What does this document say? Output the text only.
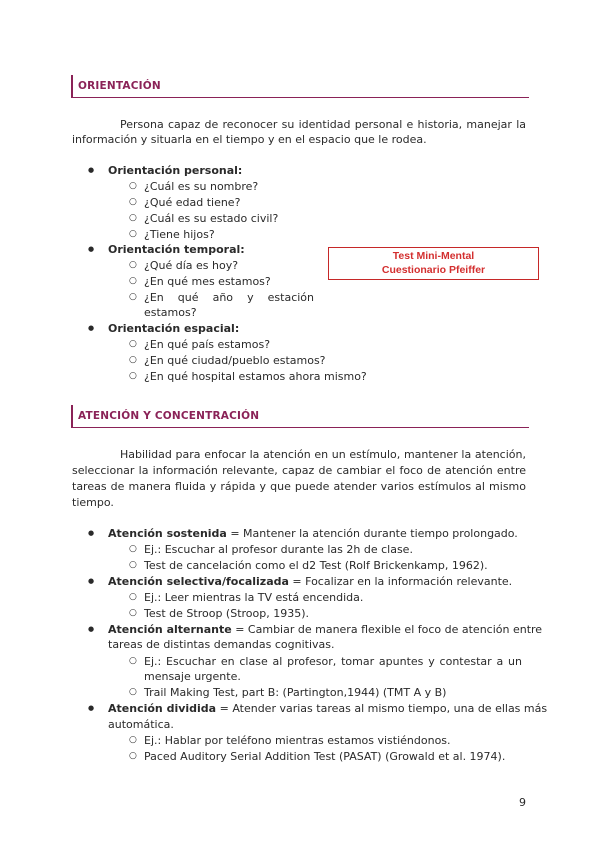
ORIENTACIÓN
Persona capaz de reconocer su identidad personal e historia, manejar la
información y situarla en el tiempo y en el espacio que le rodea.
● Orientación personal:
○ ¿Cuál es su nombre?
○ ¿Qué edad tiene?
○ ¿Cuál es su estado civil?
○ ¿Tiene hijos?
● Orientación temporal:
○ ¿Qué día es hoy?
○ ¿En qué mes estamos?
○ ¿En qué año y estación
estamos?
● Orientación espacial:
○ ¿En qué país estamos?
○ ¿En qué ciudad/pueblo estamos?
○ ¿En qué hospital estamos ahora mismo?
Test Mini-Mental
Cuestionario Pfeiffer
ATENCIÓN Y CONCENTRACIÓN
Habilidad para enfocar la atención en un estímulo, mantener la atención,
seleccionar la información relevante, capaz de cambiar el foco de atención entre
tareas de manera fluida y rápida y que puede atender varios estímulos al mismo
tiempo.
● Atención sostenida = Mantener la atención durante tiempo prolongado.
○ Ej.: Escuchar al profesor durante las 2h de clase.
○ Test de cancelación como el d2 Test (Rolf Brickenkamp, 1962).
● Atención selectiva/focalizada = Focalizar en la información relevante.
○ Ej.: Leer mientras la TV está encendida.
○ Test de Stroop (Stroop, 1935).
● Atención alternante = Cambiar de manera flexible el foco de atención entre
tareas de distintas demandas cognitivas.
○ Ej.: Escuchar en clase al profesor, tomar apuntes y contestar a un
mensaje urgente.
○ Trail Making Test, part B: (Partington,1944) (TMT A y B)
● Atención dividida = Atender varias tareas al mismo tiempo, una de ellas más
automática.
○ Ej.: Hablar por teléfono mientras estamos vistiéndonos.
○ Paced Auditory Serial Addition Test (PASAT) (Growald et al. 1974).
9
